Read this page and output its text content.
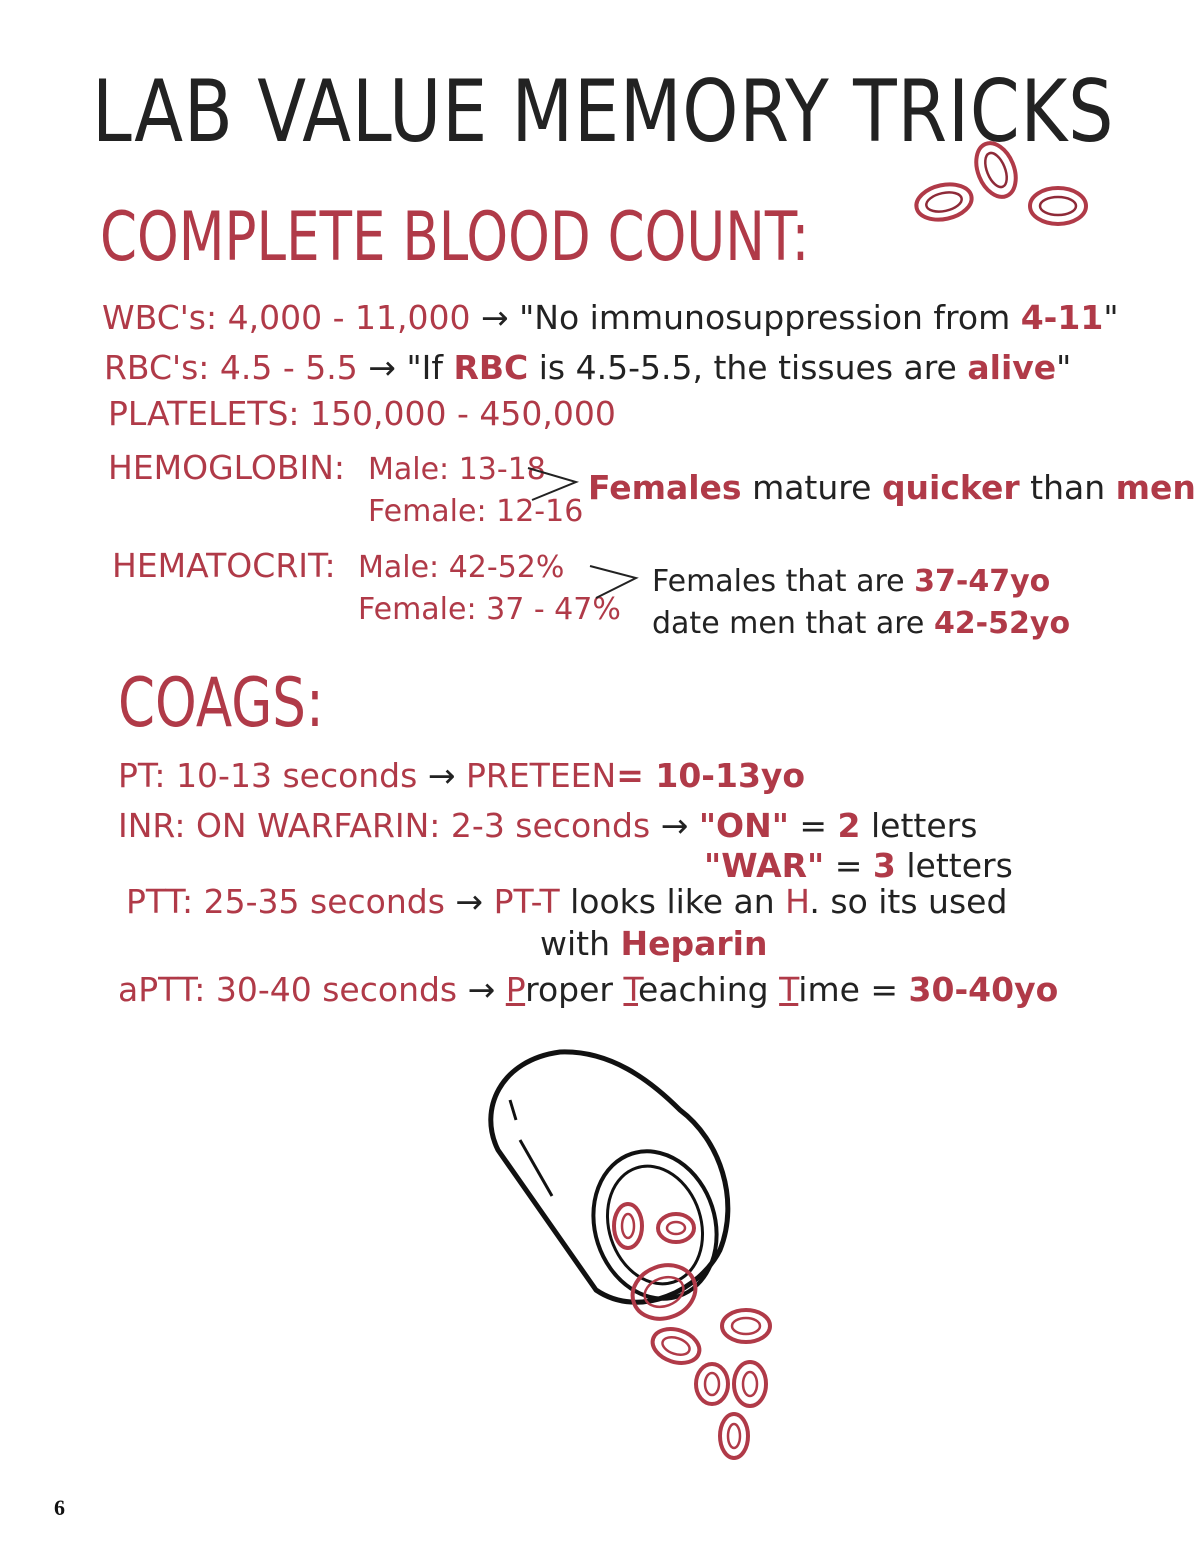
LAB VALUE MEMORY TRICKS
COMPLETE BLOOD COUNT:
WBC's: 4,000 - 11,000 → "No immunosuppression from 4-11"
RBC's: 4.5 - 5.5 → "If RBC is 4.5-5.5, the tissues are alive"
PLATELETS: 150,000 - 450,000
HEMOGLOBIN: Male: 13-18
Female: 12-16
Females mature quicker than men
HEMATOCRIT: Male: 42-52%
Female: 37 - 47%
Females that are 37-47yo
date men that are 42-52yo
COAGS:
PT: 10-13 seconds → PRETEEN= 10-13yo
INR: ON WARFARIN: 2-3 seconds → "ON" = 2 letters
"WAR" = 3 letters
PTT: 25-35 seconds → PT-T looks like an H. so its used
with Heparin
aPTT: 30-40 seconds → Proper Teaching Time = 30-40yo
6
